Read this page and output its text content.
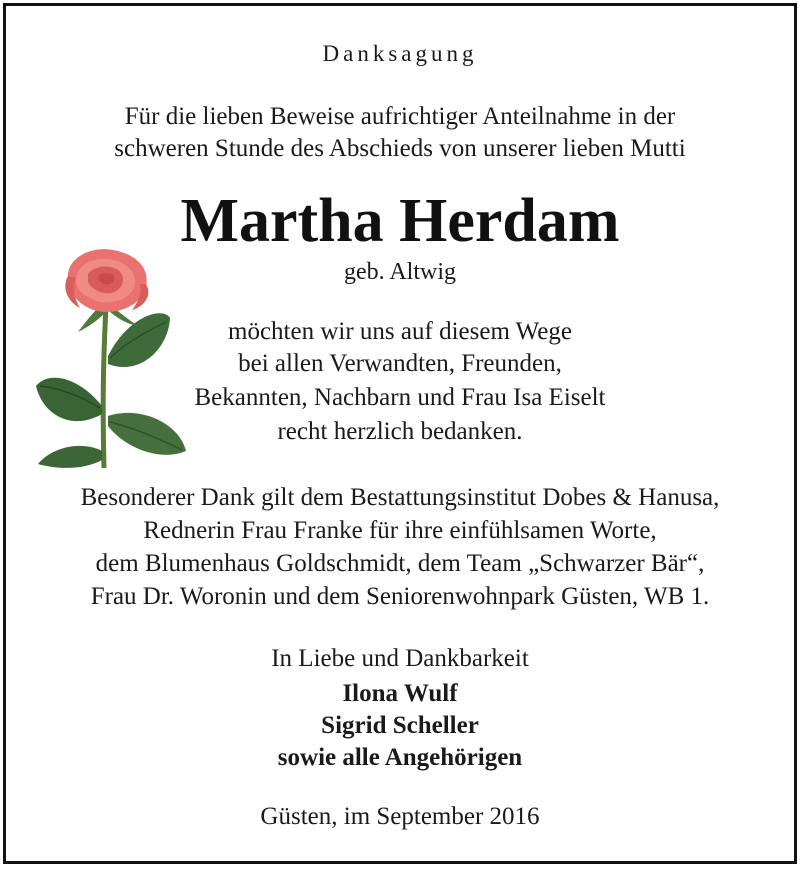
Danksagung
Für die lieben Beweise aufrichtiger Anteilnahme in der
schweren Stunde des Abschieds von unserer lieben Mutti
Martha Herdam
geb. Altwig
möchten wir uns auf diesem Wege
bei allen Verwandten, Freunden,
Bekannten, Nachbarn und Frau Isa Eiselt
recht herzlich bedanken.
Besonderer Dank gilt dem Bestattungsinstitut Dobes & Hanusa,
Rednerin Frau Franke für ihre einfühlsamen Worte,
dem Blumenhaus Goldschmidt, dem Team „Schwarzer Bär“,
Frau Dr. Woronin und dem Seniorenwohnpark Güsten, WB 1.
In Liebe und Dankbarkeit
Ilona Wulf
Sigrid Scheller
sowie alle Angehörigen
Güsten, im September 2016
